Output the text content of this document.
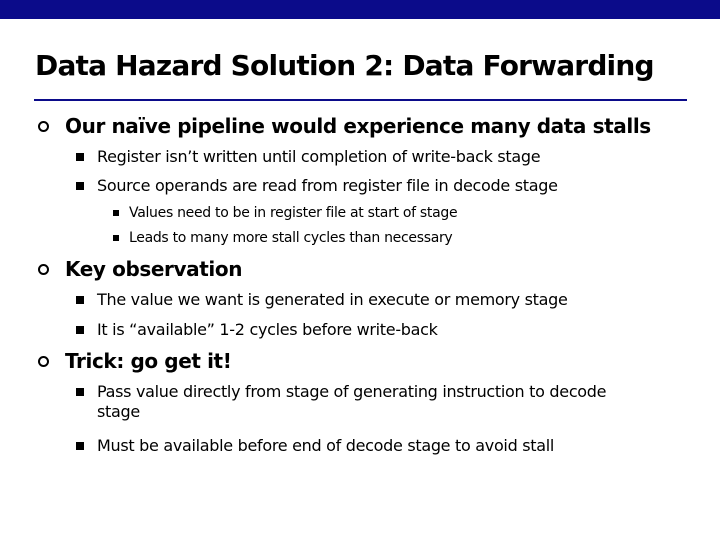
Data Hazard Solution 2: Data Forwarding
Our naïve pipeline would experience many data stalls
Register isn’t written until completion of write-back stage
Source operands are read from register file in decode stage
Values need to be in register file at start of stage
Leads to many more stall cycles than necessary
Key observation
The value we want is generated in execute or memory stage
It is “available” 1-2 cycles before write-back
Trick: go get it!
Pass value directly from stage of generating instruction to decode stage
Must be available before end of decode stage to avoid stall
